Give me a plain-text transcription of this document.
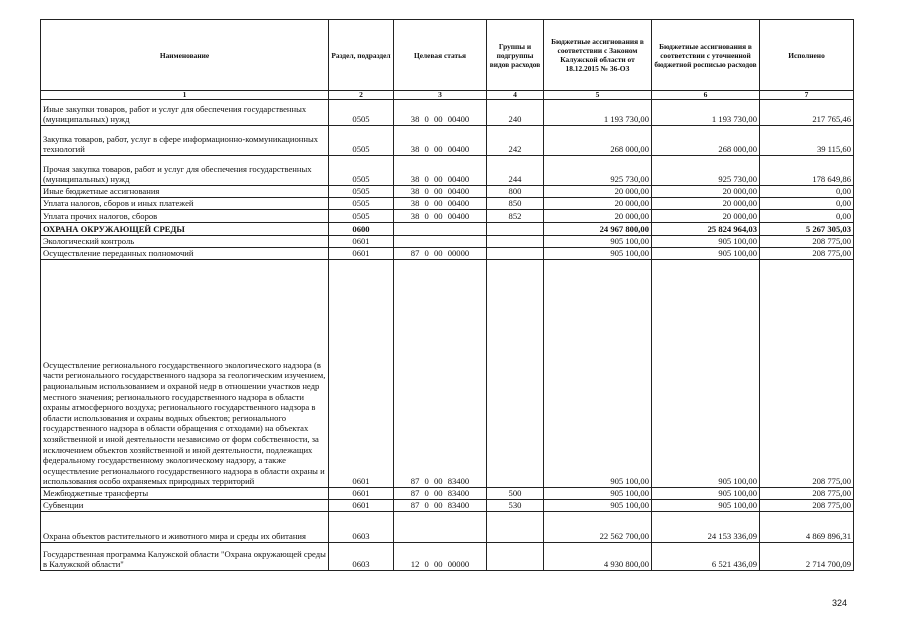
Наименование	Раздел, подраздел	Целевая статья	Группы и подгруппы видов расходов	Бюджетные ассигнования в соответствии с Законом Калужской области от 18.12.2015 № 36-ОЗ	Бюджетные ассигнования в соответствии с уточненной бюджетной росписью расходов	Исполнено
1	2	3	4	5	6	7
Иные закупки товаров, работ и услуг для обеспечения государственных (муниципальных) нужд	0505	38 0 00 00400	240	1 193 730,00	1 193 730,00	217 765,46
Закупка товаров, работ, услуг в сфере информационно-коммуникационных технологий	0505	38 0 00 00400	242	268 000,00	268 000,00	39 115,60
Прочая закупка товаров, работ и услуг для обеспечения государственных (муниципальных) нужд	0505	38 0 00 00400	244	925 730,00	925 730,00	178 649,86
Иные бюджетные ассигнования	0505	38 0 00 00400	800	20 000,00	20 000,00	0,00
Уплата налогов, сборов и иных платежей	0505	38 0 00 00400	850	20 000,00	20 000,00	0,00
Уплата прочих налогов, сборов	0505	38 0 00 00400	852	20 000,00	20 000,00	0,00
ОХРАНА ОКРУЖАЮЩЕЙ СРЕДЫ	0600			24 967 800,00	25 824 964,03	5 267 305,03
Экологический контроль	0601			905 100,00	905 100,00	208 775,00
Осуществление переданных полномочий	0601	87 0 00 00000		905 100,00	905 100,00	208 775,00
Осуществление регионального государственного экологического надзора (в части регионального государственного надзора за геологическим изучением, рациональным использованием и охраной недр в отношении участков недр местного значения; регионального государственного надзора в области охраны атмосферного воздуха; регионального государственного надзора в области использования и охраны водных объектов; регионального государственного надзора в области обращения с отходами) на объектах хозяйственной и иной деятельности независимо от форм собственности, за исключением объектов хозяйственной и иной деятельности, подлежащих федеральному государственному экологическому надзору, а также осуществление регионального государственного надзора в области охраны и использования особо охраняемых природных территорий	0601	87 0 00 83400		905 100,00	905 100,00	208 775,00
Межбюджетные трансферты	0601	87 0 00 83400	500	905 100,00	905 100,00	208 775,00
Субвенции	0601	87 0 00 83400	530	905 100,00	905 100,00	208 775,00
Охрана объектов растительного и животного мира и среды их обитания	0603			22 562 700,00	24 153 336,09	4 869 896,31
Государственная программа Калужской области "Охрана окружающей среды в Калужской области"	0603	12 0 00 00000		4 930 800,00	6 521 436,09	2 714 700,09
324
